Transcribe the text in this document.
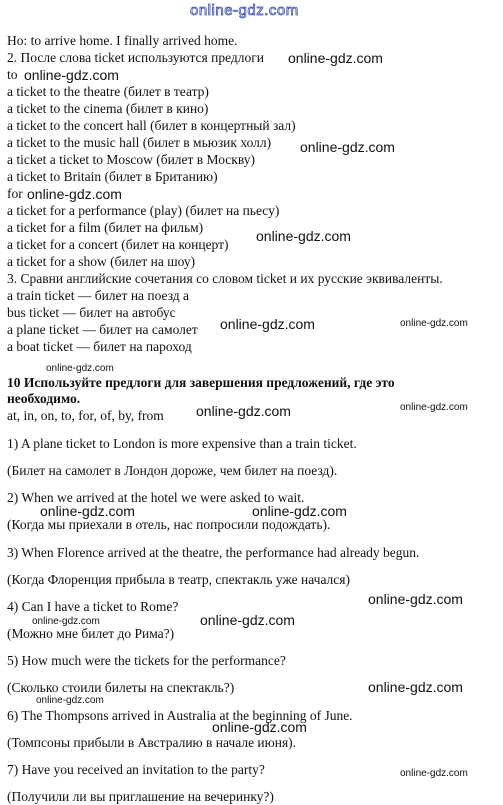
online-gdz.com
Ho: to arrive home. I finally arrived home.
2. После слова ticket используются предлоги
to
a ticket to the theatre (билет в театр)
a ticket to the cinema (билет в кино)
a ticket to the concert hall (билет в концертный зал)
a ticket to the music hall (билет в мьюзик холл)
a ticket a ticket to Moscow (билет в Москву)
a ticket to Britain (билет в Британию)
for
a ticket for a performance (play) (билет на пьесу)
a ticket for a film (билет на фильм)
a ticket for a concert (билет на концерт)
a ticket for a show (билет на шоу)
3. Сравни английские сочетания со словом ticket и их русские эквиваленты.
a train ticket — билет на поезд а
bus ticket — билет на автобус
a plane ticket — билет на самолет
a boat ticket — билет на пароход
10 Используйте предлоги для завершения предложений, где это
необходимо.
at, in, on, to, for, of, by, from
1) A plane ticket to London is more expensive than a train ticket.
(Билет на самолет в Лондон дороже, чем билет на поезд).
2) When we arrived at the hotel we were asked to wait.
(Когда мы приехали в отель, нас попросили подождать).
3) When Florence arrived at the theatre, the performance had already begun.
(Когда Флоренция прибыла в театр, спектакль уже начался)
4) Can I have a ticket to Rome?
(Можно мне билет до Рима?)
5) How much were the tickets for the performance?
(Сколько стоили билеты на спектакль?)
6) The Thompsons arrived in Australia at the beginning of June.
(Томпсоны прибыли в Австралию в начале июня).
7) Have you received an invitation to the party?
(Получили ли вы приглашение на вечеринку?)
online-gdz.com
online-gdz.com
online-gdz.com
online-gdz.com
online-gdz.com
online-gdz.com	online-gdz.com
online-gdz.com
online-gdz.com	online-gdz.com
online-gdz.com	online-gdz.com
online-gdz.com
online-gdz.com
online-gdz.com
online-gdz.com
online-gdz.com
online-gdz.com
online-gdz.com
